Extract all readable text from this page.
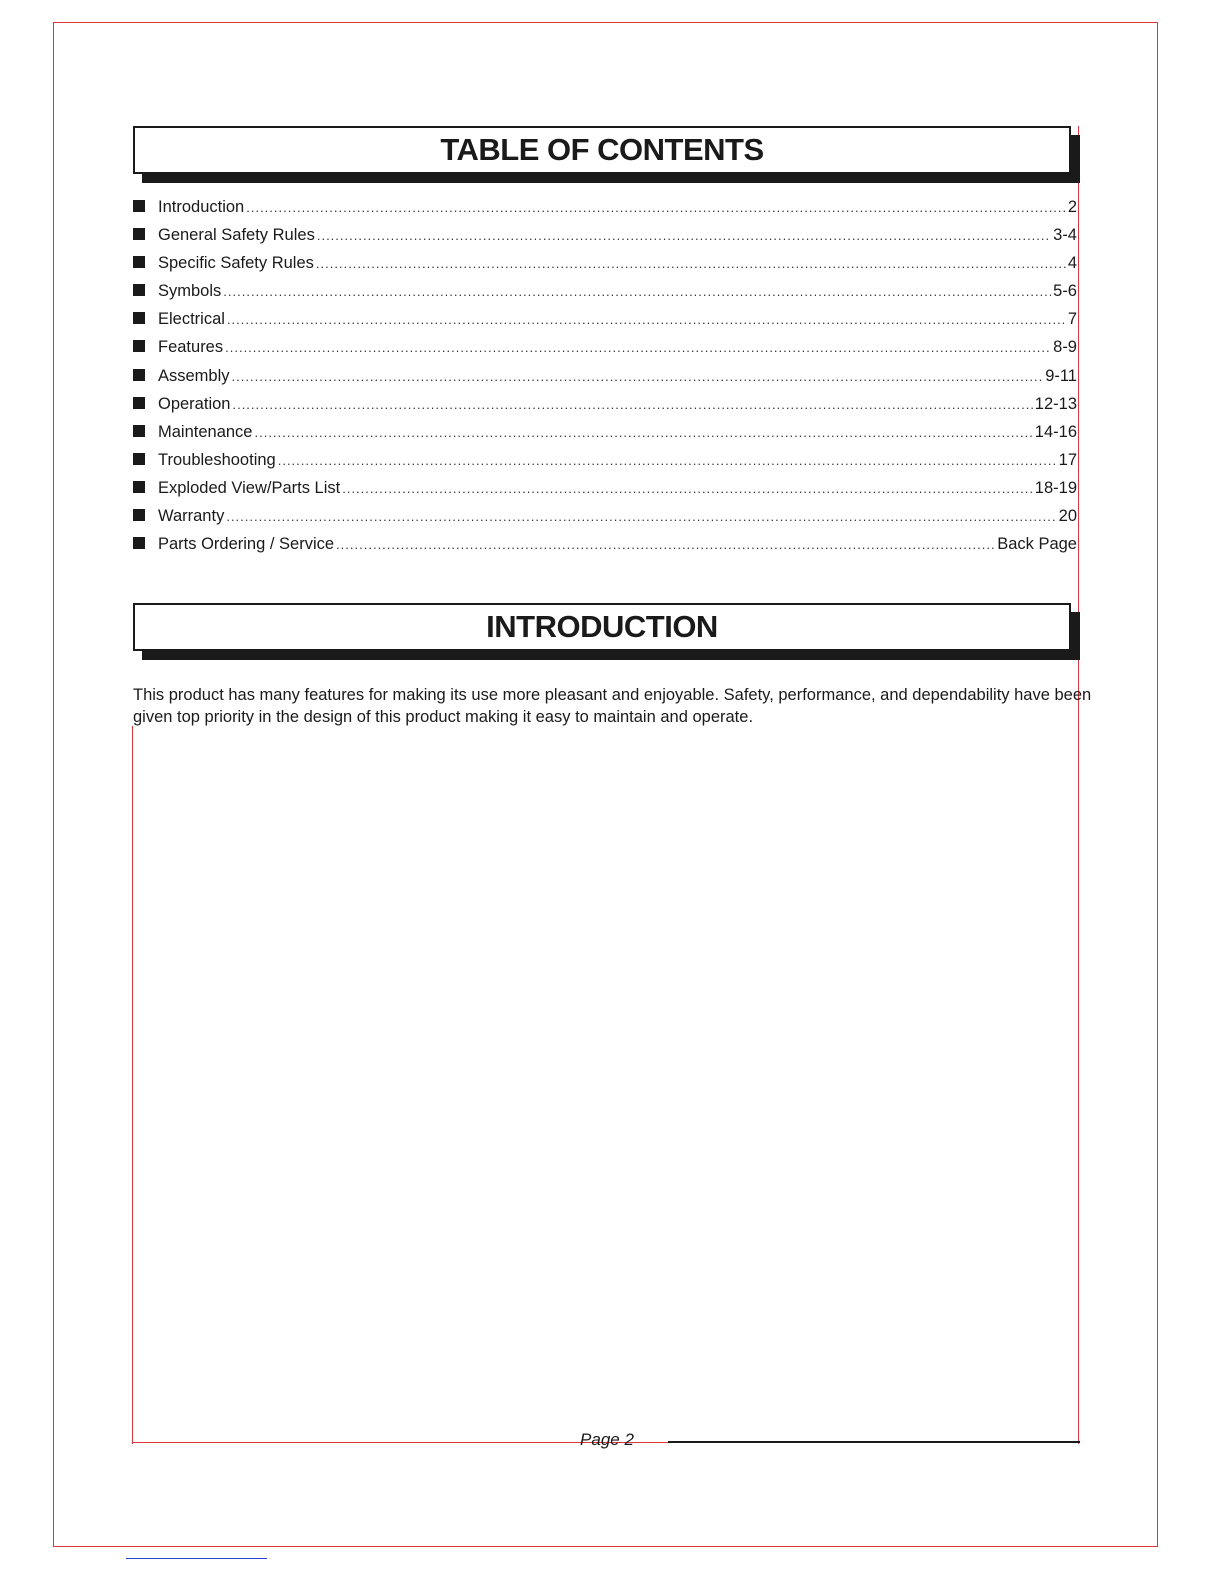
TABLE OF CONTENTS
Introduction .....	2
General Safety Rules .....	3-4
Specific Safety Rules .....	4
Symbols .....	5-6
Electrical .....	7
Features .....	8-9
Assembly .....	9-11
Operation .....	12-13
Maintenance .....	14-16
Troubleshooting .....	17
Exploded View/Parts List .....	18-19
Warranty .....	20
Parts Ordering / Service .....	Back Page
INTRODUCTION

This product has many features for making its use more pleasant and enjoyable. Safety, performance, and dependability have been given top priority in the design of this product making it easy to maintain and operate.

Page 2
